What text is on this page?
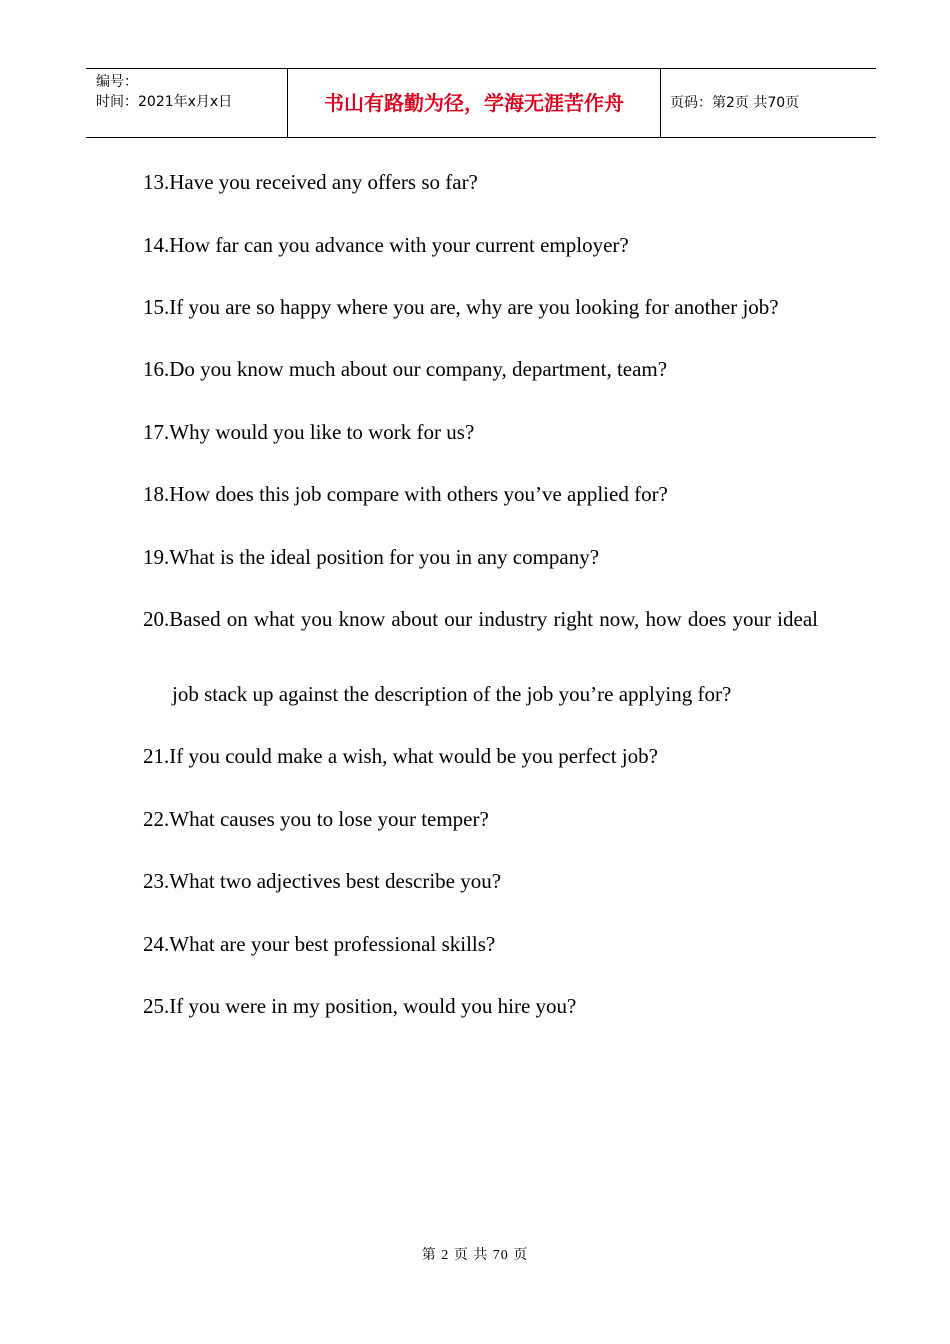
编号：
时间：2021年x月x日	书山有路勤为径，学海无涯苦作舟	页码：第2页 共70页

13.Have you received any offers so far?

14.How far can you advance with your current employer?

15.If you are so happy where you are, why are you looking for another job?

16.Do you know much about our company, department, team?

17.Why would you like to work for us?

18.How does this job compare with others you’ve applied for?

19.What is the ideal position for you in any company?

20.Based on what you know about our industry right now, how does your ideal job stack up against the description of the job you’re applying for?

21.If you could make a wish, what would be you perfect job?

22.What causes you to lose your temper?

23.What two adjectives best describe you?

24.What are your best professional skills?

25.If you were in my position, would you hire you?

第 2 页 共 70 页
